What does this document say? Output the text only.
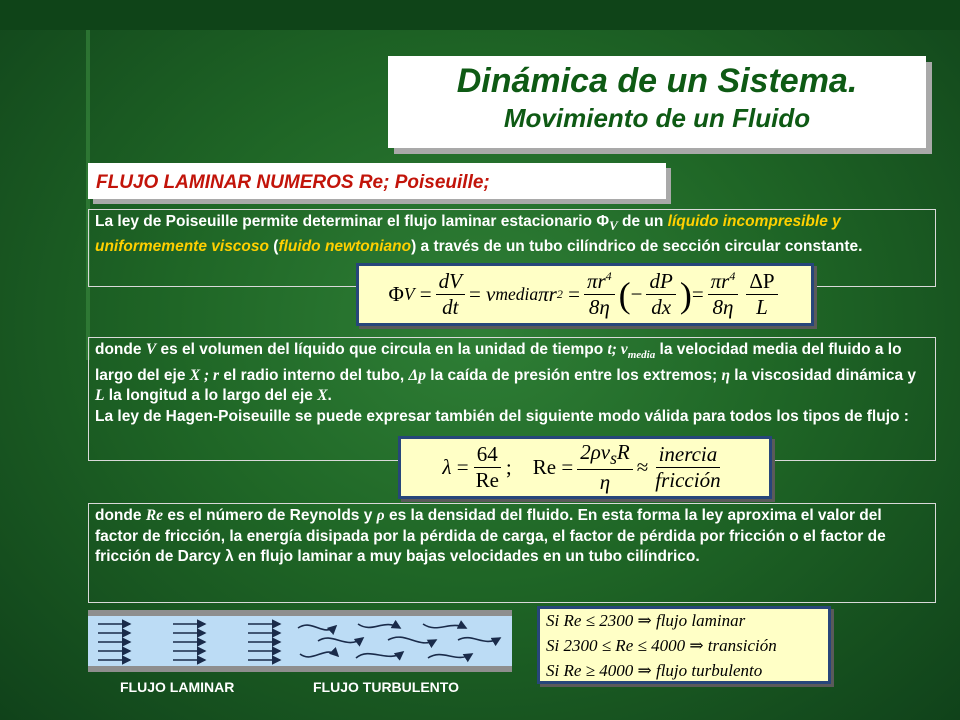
Dinámica de un Sistema.
Movimiento de un Fluido
FLUJO LAMINAR NUMEROS Re; Poiseuille;
La ley de Poiseuille permite determinar el flujo laminar estacionario $\Phi_V$ de un líquido incompresible y uniformemente viscoso (fluido newtoniano) a través de un tubo cilíndrico de sección circular constante.
Φ V
= $\frac{dV}{dt}$ =
v media πr 2
= $\frac{\pi r^4}{8\eta}$ ( − $\frac{dP}{dx}$ ) = $\frac{\pi r^4}{8\eta} \frac{\Delta P}{L}$
donde V es el volumen del líquido que circula en la unidad de tiempo t; $v_{media}$ la velocidad media del fluido a lo largo del eje X ; r el radio interno del tubo, Δp la caída de presión entre los extremos; η la viscosidad dinámica y L la longitud a lo largo del eje X.
La ley de Hagen-Poiseuille se puede expresar también del siguiente modo válida para todos los tipos de flujo :
λ
= $\frac{64}{Re}$ ;
Re
= $\frac{2\rho v_sR}{\eta} \approx \frac{\text{inercia}}{\text{fricción}}$
donde Re es el número de Reynolds y ρ es la densidad del fluido. En esta forma la ley aproxima el valor del factor de fricción, la energía disipada por la pérdida de carga, el factor de pérdida por fricción o el factor de fricción de Darcy λ en flujo laminar a muy bajas velocidades en un tubo cilíndrico.
FLUJO LAMINAR	FLUJO TURBULENTO
Si Re ≤ 2300 ⇒ flujo laminar
Si 2300 ≤ Re ≤ 4000 ⇒ transición
Si Re ≥ 4000 ⇒ flujo turbulento
